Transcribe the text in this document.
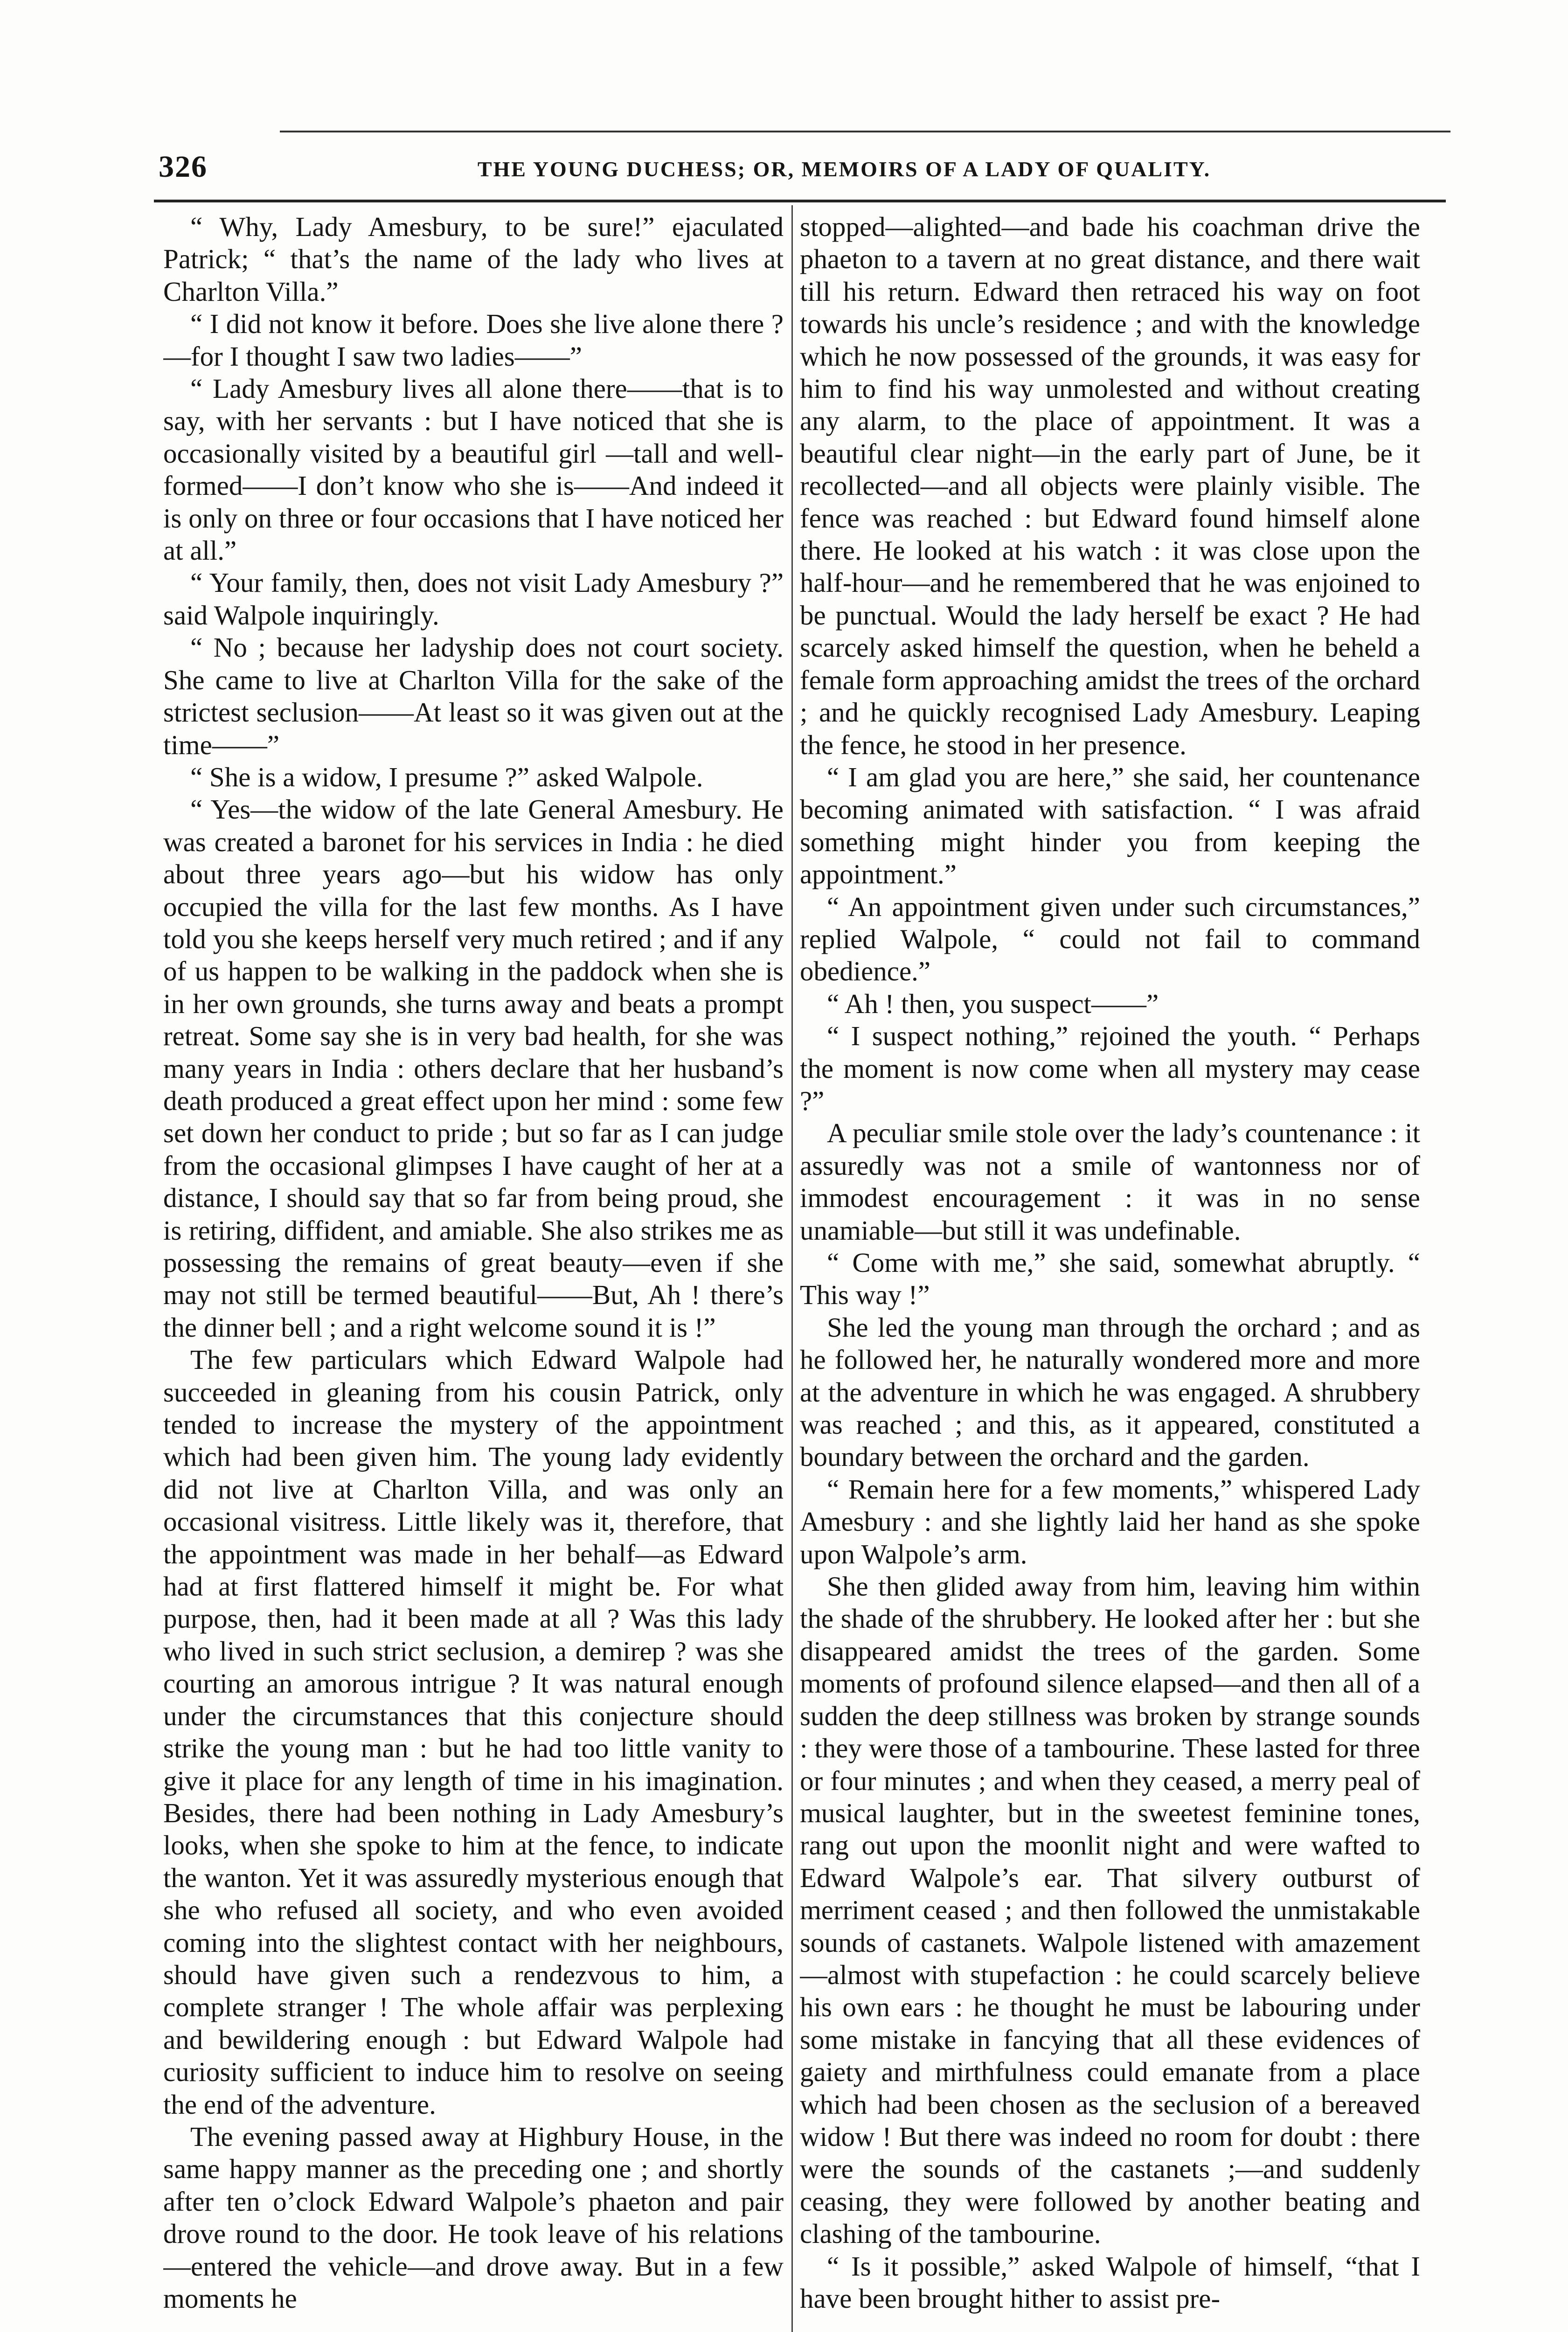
326	THE YOUNG DUCHESS; OR, MEMOIRS OF A LADY OF QUALITY.

“ Why, Lady Amesbury, to be sure!” ejaculated Patrick; “ that’s the name of the lady who lives at Charlton Villa.”

“ I did not know it before. Does she live alone there ?—for I thought I saw two ladies——”

“ Lady Amesbury lives all alone there——that is to say, with her servants : but I have noticed that she is occasionally visited by a beautiful girl —tall and well-formed——I don’t know who she is——And indeed it is only on three or four occasions that I have noticed her at all.”

“ Your family, then, does not visit Lady Amesbury ?” said Walpole inquiringly.

“ No ; because her ladyship does not court society. She came to live at Charlton Villa for the sake of the strictest seclusion——At least so it was given out at the time——”

“ She is a widow, I presume ?” asked Walpole.

“ Yes—the widow of the late General Amesbury. He was created a baronet for his services in India : he died about three years ago—but his widow has only occupied the villa for the last few months. As I have told you she keeps herself very much retired ; and if any of us happen to be walking in the paddock when she is in her own grounds, she turns away and beats a prompt retreat. Some say she is in very bad health, for she was many years in India : others declare that her husband’s death produced a great effect upon her mind : some few set down her conduct to pride ; but so far as I can judge from the occasional glimpses I have caught of her at a distance, I should say that so far from being proud, she is retiring, diffident, and amiable. She also strikes me as possessing the remains of great beauty—even if she may not still be termed beautiful——But, Ah ! there’s the dinner bell ; and a right welcome sound it is !”

The few particulars which Edward Walpole had succeeded in gleaning from his cousin Patrick, only tended to increase the mystery of the appointment which had been given him. The young lady evidently did not live at Charlton Villa, and was only an occasional visitress. Little likely was it, therefore, that the appointment was made in her behalf—as Edward had at first flattered himself it might be. For what purpose, then, had it been made at all ? Was this lady who lived in such strict seclusion, a demirep ? was she courting an amorous intrigue ? It was natural enough under the circumstances that this conjecture should strike the young man : but he had too little vanity to give it place for any length of time in his imagination. Besides, there had been nothing in Lady Amesbury’s looks, when she spoke to him at the fence, to indicate the wanton. Yet it was assuredly mysterious enough that she who refused all society, and who even avoided coming into the slightest contact with her neighbours, should have given such a rendezvous to him, a complete stranger ! The whole affair was perplexing and bewildering enough : but Edward Walpole had curiosity sufficient to induce him to resolve on seeing the end of the adventure.

The evening passed away at Highbury House, in the same happy manner as the preceding one ; and shortly after ten o’clock Edward Walpole’s phaeton and pair drove round to the door. He took leave of his relations—entered the vehicle—and drove away. But in a few moments he

stopped—alighted—and bade his coachman drive the phaeton to a tavern at no great distance, and there wait till his return. Edward then retraced his way on foot towards his uncle’s residence ; and with the knowledge which he now possessed of the grounds, it was easy for him to find his way unmolested and without creating any alarm, to the place of appointment. It was a beautiful clear night—in the early part of June, be it recollected—and all objects were plainly visible. The fence was reached : but Edward found himself alone there. He looked at his watch : it was close upon the half-hour—and he remembered that he was enjoined to be punctual. Would the lady herself be exact ? He had scarcely asked himself the question, when he beheld a female form approaching amidst the trees of the orchard ; and he quickly recognised Lady Amesbury. Leaping the fence, he stood in her presence.

“ I am glad you are here,” she said, her countenance becoming animated with satisfaction. “ I was afraid something might hinder you from keeping the appointment.”

“ An appointment given under such circumstances,” replied Walpole, “ could not fail to command obedience.”

“ Ah ! then, you suspect——”

“ I suspect nothing,” rejoined the youth. “ Perhaps the moment is now come when all mystery may cease ?”

A peculiar smile stole over the lady’s countenance : it assuredly was not a smile of wantonness nor of immodest encouragement : it was in no sense unamiable—but still it was undefinable.

“ Come with me,” she said, somewhat abruptly. “ This way !”

She led the young man through the orchard ; and as he followed her, he naturally wondered more and more at the adventure in which he was engaged. A shrubbery was reached ; and this, as it appeared, constituted a boundary between the orchard and the garden.

“ Remain here for a few moments,” whispered Lady Amesbury : and she lightly laid her hand as she spoke upon Walpole’s arm.

She then glided away from him, leaving him within the shade of the shrubbery. He looked after her : but she disappeared amidst the trees of the garden. Some moments of profound silence elapsed—and then all of a sudden the deep stillness was broken by strange sounds : they were those of a tambourine. These lasted for three or four minutes ; and when they ceased, a merry peal of musical laughter, but in the sweetest feminine tones, rang out upon the moonlit night and were wafted to Edward Walpole’s ear. That silvery outburst of merriment ceased ; and then followed the unmistakable sounds of castanets. Walpole listened with amazement—almost with stupefaction : he could scarcely believe his own ears : he thought he must be labouring under some mistake in fancying that all these evidences of gaiety and mirthfulness could emanate from a place which had been chosen as the seclusion of a bereaved widow ! But there was indeed no room for doubt : there were the sounds of the castanets ;—and suddenly ceasing, they were followed by another beating and clashing of the tambourine.

“ Is it possible,” asked Walpole of himself, “that I have been brought hither to assist pre-
